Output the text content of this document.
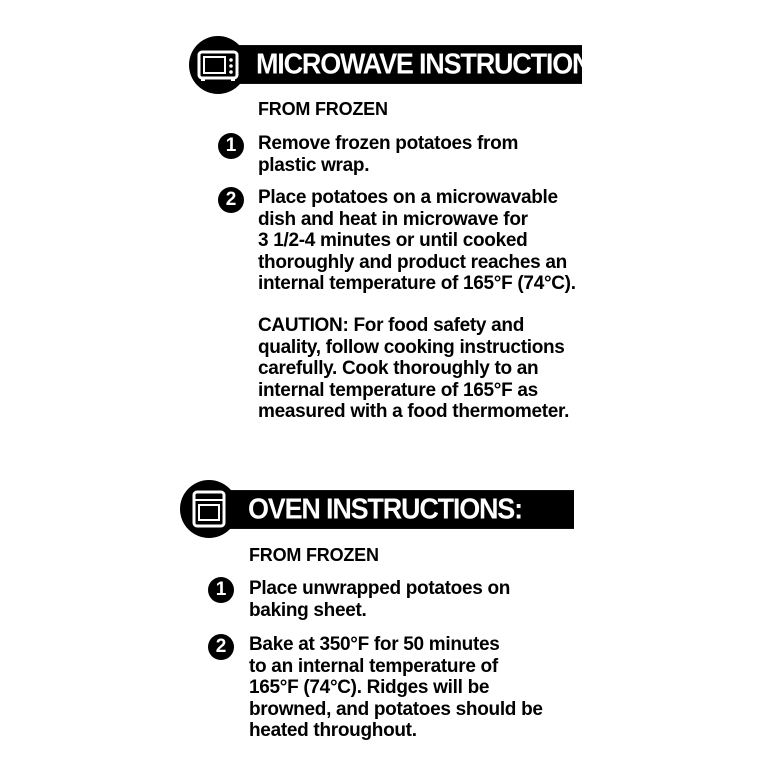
MICROWAVE INSTRUCTIONS:
FROM FROZEN
1	Remove frozen potatoes from
plastic wrap.
2	Place potatoes on a microwavable
dish and heat in microwave for
3 1/2-4 minutes or until cooked
thoroughly and product reaches an
internal temperature of 165°F (74°C).
CAUTION: For food safety and
quality, follow cooking instructions
carefully. Cook thoroughly to an
internal temperature of 165°F as
measured with a food thermometer.
OVEN INSTRUCTIONS:
FROM FROZEN
1	Place unwrapped potatoes on
baking sheet.
2	Bake at 350°F for 50 minutes
to an internal temperature of
165°F (74°C). Ridges will be
browned, and potatoes should be
heated throughout.
